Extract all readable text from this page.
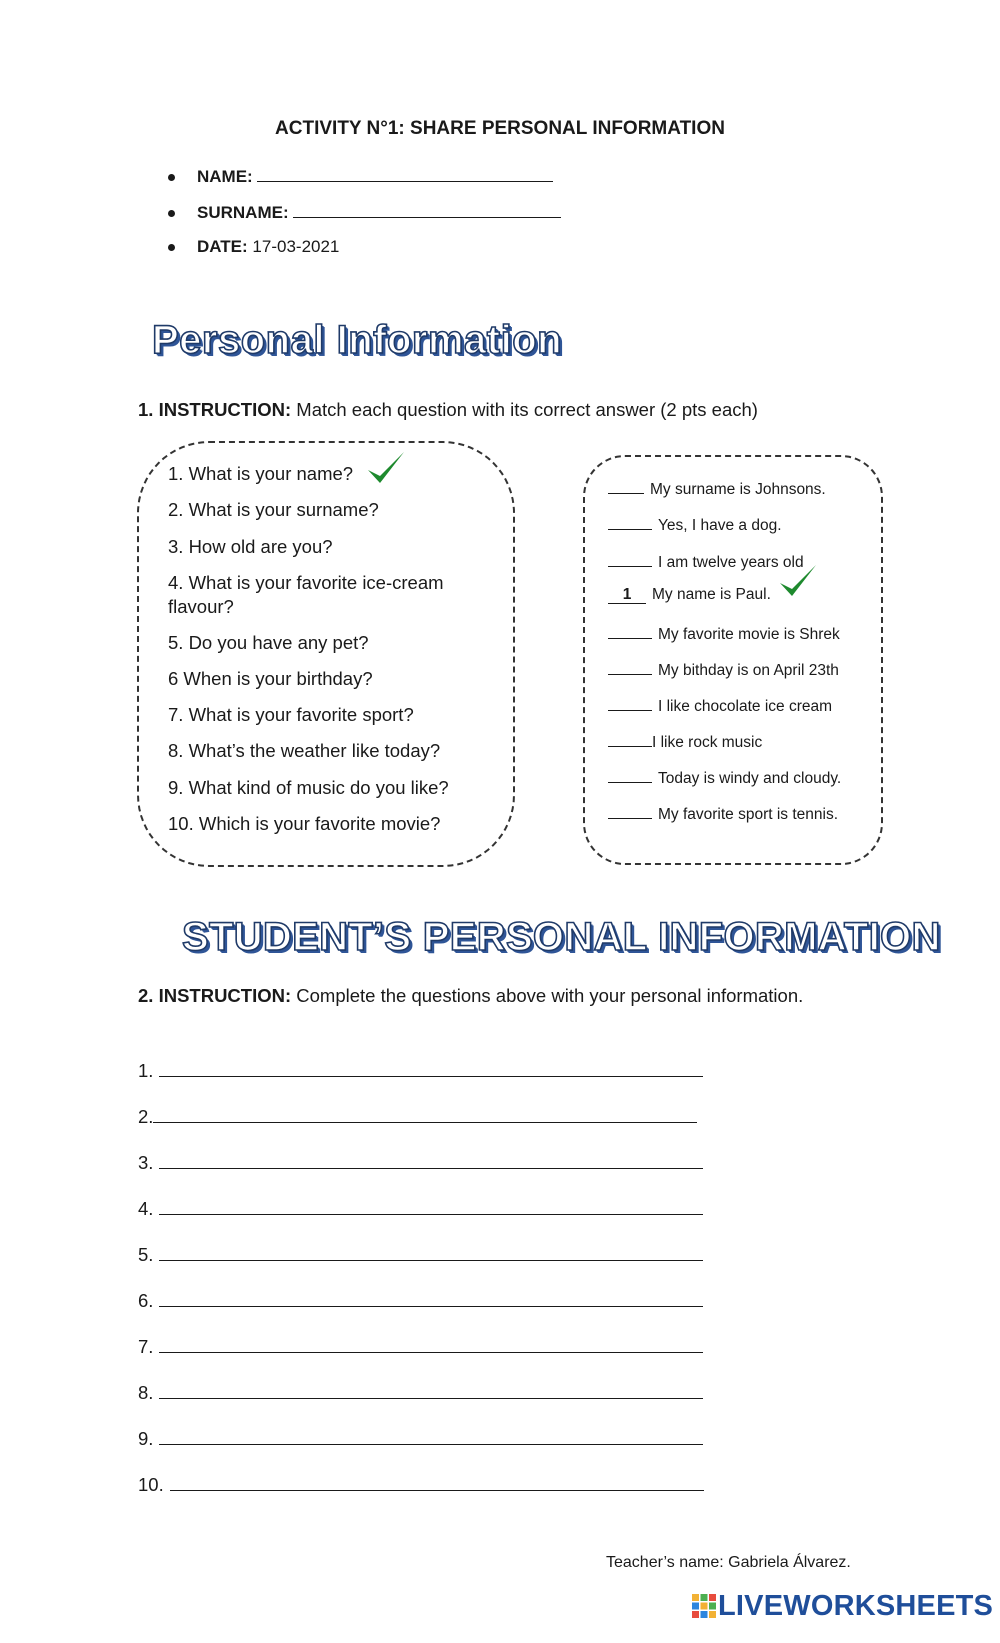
ACTIVITY N°1: SHARE PERSONAL INFORMATION
NAME:
SURNAME:
DATE: 17-03-2021
Personal Information
1. INSTRUCTION: Match each question with its correct answer (2 pts each)
1. What is your name?
2. What is your surname?
3. How old are you?
4. What is your favorite ice-cream flavour?
5. Do you have any pet?
6 When is your birthday?
7. What is your favorite sport?
8. What’s the weather like today?
9. What kind of music do you like?
10. Which is your favorite movie?
My surname is Johnsons.
Yes, I have a dog.
I am twelve years old
1 My name is Paul.
My favorite movie is Shrek
My bithday is on April 23th
I like chocolate ice cream
I like rock music
Today is windy and cloudy.
My favorite sport is tennis.
STUDENT’S PERSONAL INFORMATION
2. INSTRUCTION: Complete the questions above with your personal information.
1.
2.
3.
4.
5.
6.
7.
8.
9.
10.
Teacher’s name: Gabriela Álvarez.
LIVEWORKSHEETS
